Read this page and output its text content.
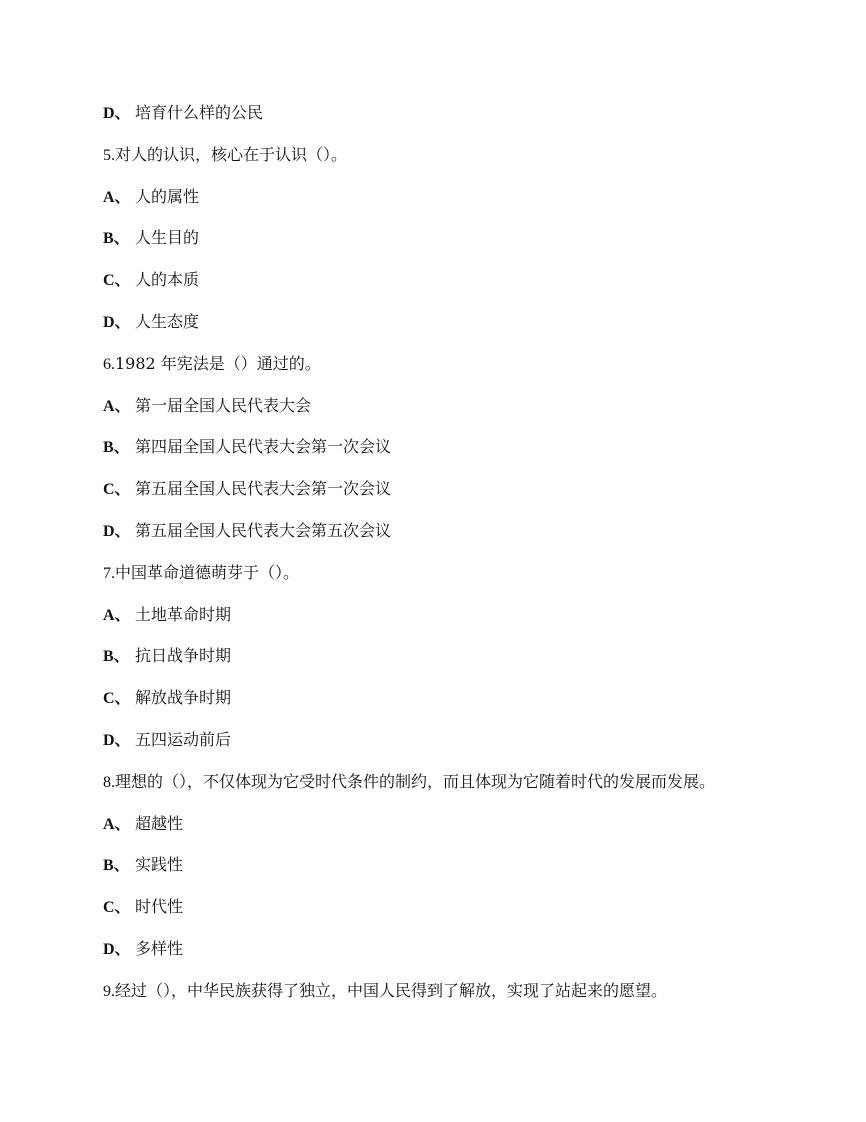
D、 培育什么样的公民
5.对人的认识，核心在于认识（）。
A、 人的属性
B、 人生目的
C、 人的本质
D、 人生态度
6.1982 年宪法是（）通过的。
A、 第一届全国人民代表大会
B、 第四届全国人民代表大会第一次会议
C、 第五届全国人民代表大会第一次会议
D、 第五届全国人民代表大会第五次会议
7.中国革命道德萌芽于（）。
A、 土地革命时期
B、 抗日战争时期
C、 解放战争时期
D、 五四运动前后
8.理想的（），不仅体现为它受时代条件的制约，而且体现为它随着时代的发展而发展。
A、 超越性
B、 实践性
C、 时代性
D、 多样性
9.经过（），中华民族获得了独立，中国人民得到了解放，实现了站起来的愿望。
